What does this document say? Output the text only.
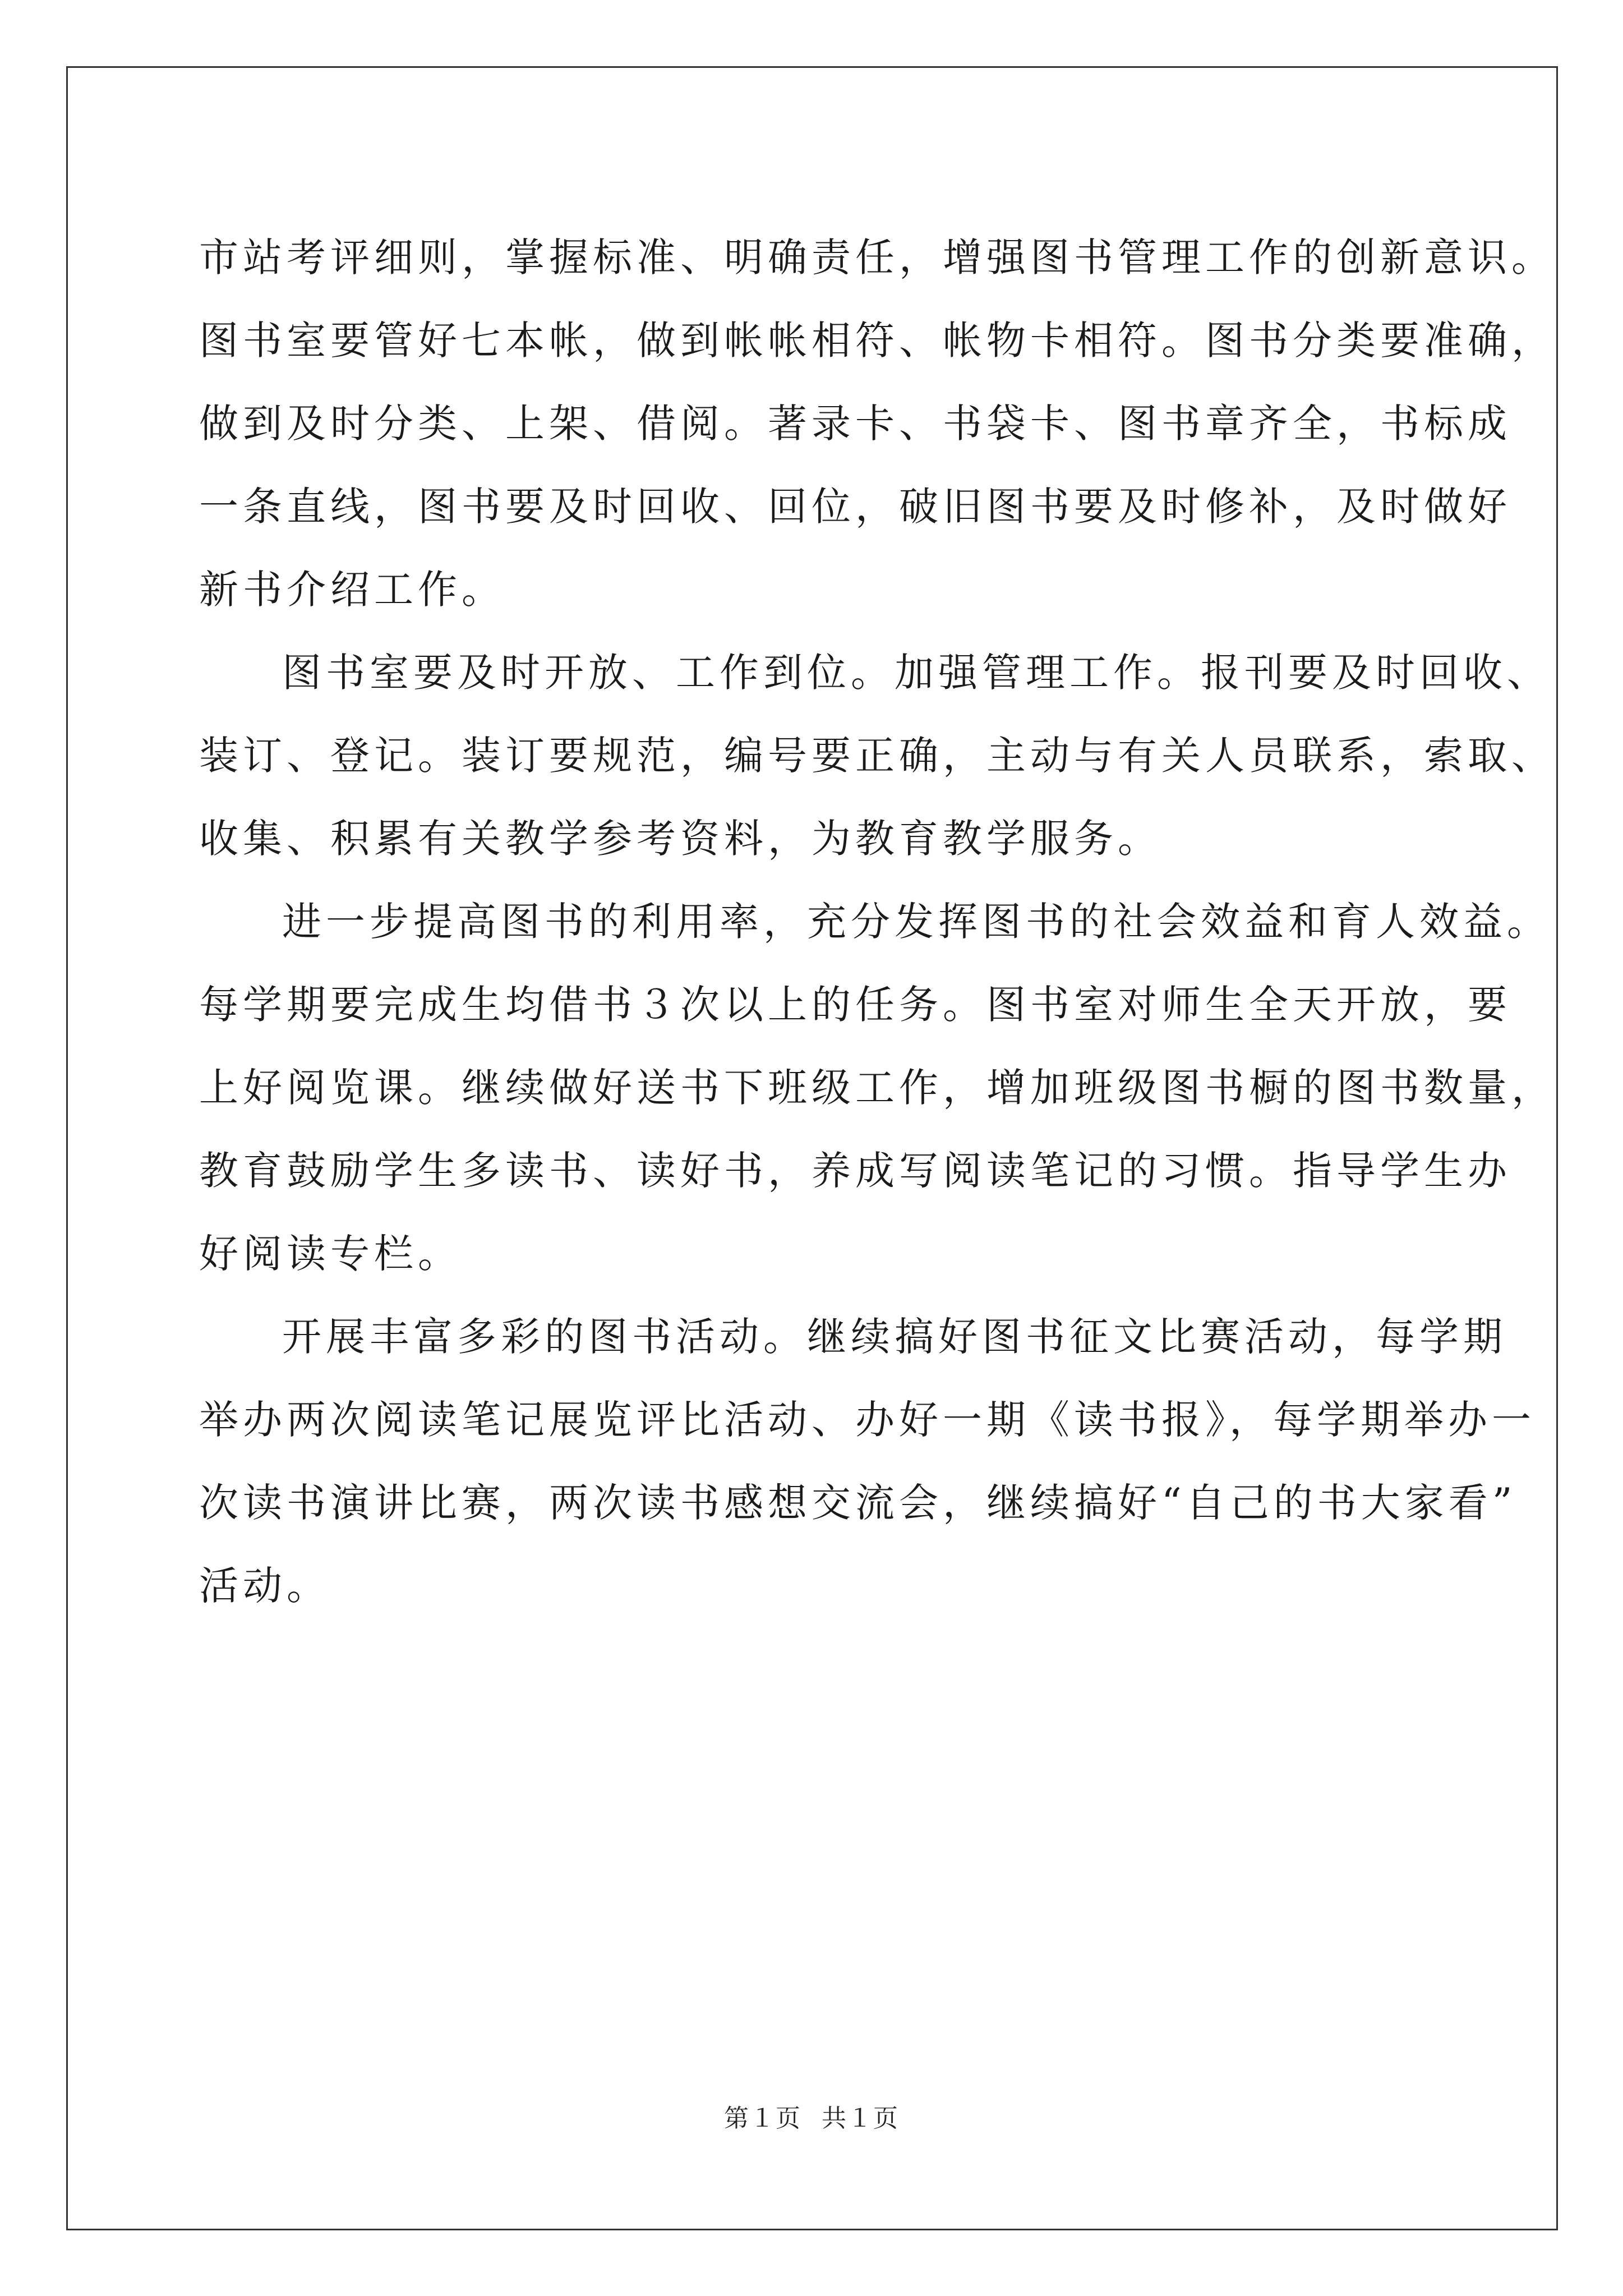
市站考评细则，掌握标准、明确责任，增强图书管理工作的创新意识。
图书室要管好七本帐，做到帐帐相符、帐物卡相符。图书分类要准确，
做到及时分类、上架、借阅。著录卡、书袋卡、图书章齐全，书标成
一条直线，图书要及时回收、回位，破旧图书要及时修补，及时做好
新书介绍工作。

图书室要及时开放、工作到位。加强管理工作。报刊要及时回收、
装订、登记。装订要规范，编号要正确，主动与有关人员联系，索取、
收集、积累有关教学参考资料，为教育教学服务。

进一步提高图书的利用率，充分发挥图书的社会效益和育人效益。
每学期要完成生均借书３次以上的任务。图书室对师生全天开放，要
上好阅览课。继续做好送书下班级工作，增加班级图书橱的图书数量，
教育鼓励学生多读书、读好书，养成写阅读笔记的习惯。指导学生办
好阅读专栏。

开展丰富多彩的图书活动。继续搞好图书征文比赛活动，每学期
举办两次阅读笔记展览评比活动、办好一期《读书报》，每学期举办一
次读书演讲比赛，两次读书感想交流会，继续搞好“自己的书大家看”
活动。

第１页 共１页
